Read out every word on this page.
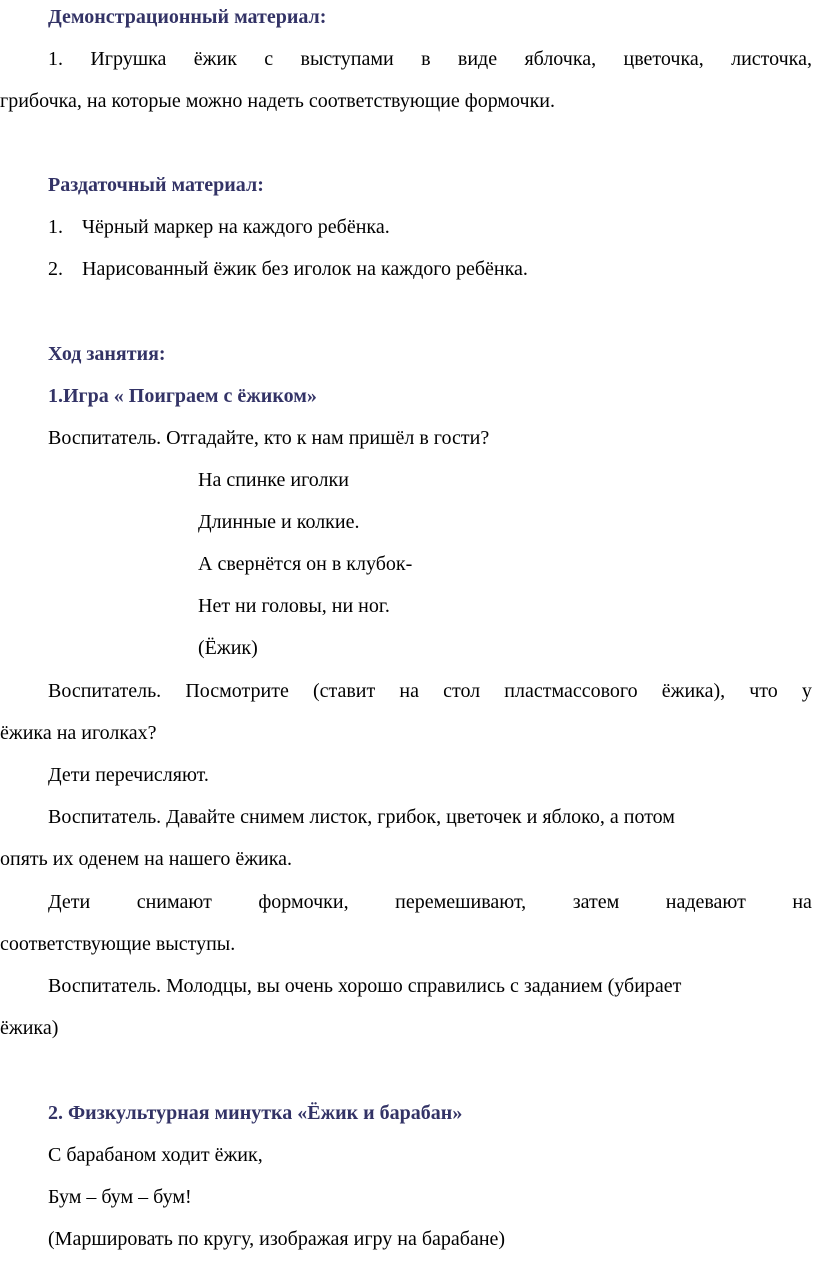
Демонстрационный материал:
1. Игрушка ёжик с выступами в виде яблочка, цветочка, листочка,
грибочка, на которые можно надеть соответствующие формочки.
Раздаточный материал:
1. Чёрный маркер на каждого ребёнка.
2. Нарисованный ёжик без иголок на каждого ребёнка.
Ход занятия:
1.Игра « Поиграем с ёжиком»
Воспитатель. Отгадайте, кто к нам пришёл в гости?
На спинке иголки
Длинные и колкие.
А свернётся он в клубок-
Нет ни головы, ни ног.
(Ёжик)
Воспитатель. Посмотрите (ставит на стол пластмассового ёжика), что у
ёжика на иголках?
Дети перечисляют.
Воспитатель. Давайте снимем листок, грибок, цветочек и яблоко, а потом
опять их оденем на нашего ёжика.
Дети снимают формочки, перемешивают, затем надевают на
соответствующие выступы.
Воспитатель. Молодцы, вы очень хорошо справились с заданием (убирает
ёжика)
2. Физкультурная минутка «Ёжик и барабан»
С барабаном ходит ёжик,
Бум – бум – бум!
(Маршировать по кругу, изображая игру на барабане)
